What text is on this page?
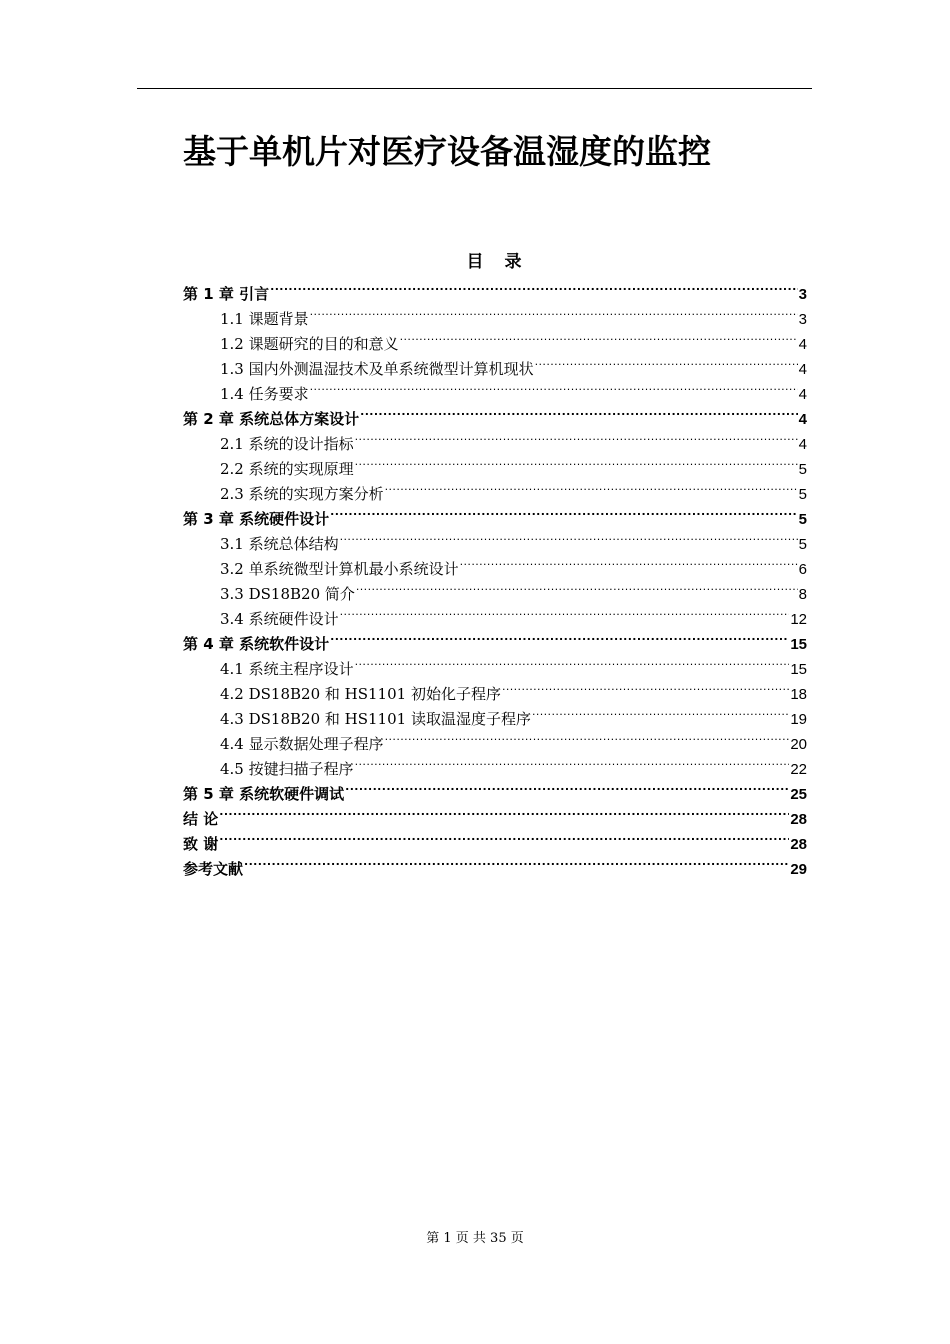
基于单机片对医疗设备温湿度的监控
目　录
第 1 章 引言 .....	3
1.1 课题背景 .....	3
1.2 课题研究的目的和意义 .....	4
1.3 国内外测温湿技术及单系统微型计算机现状 .....	4
1.4 任务要求 .....	4
第 2 章 系统总体方案设计 .....	4
2.1 系统的设计指标 .....	4
2.2 系统的实现原理 .....	5
2.3 系统的实现方案分析 .....	5
第 3 章 系统硬件设计 .....	5
3.1 系统总体结构 .....	5
3.2 单系统微型计算机最小系统设计 .....	6
3.3 DS18B20 简介 .....	8
3.4 系统硬件设计 .....	12
第 4 章 系统软件设计 .....	15
4.1 系统主程序设计 .....	15
4.2 DS18B20 和 HS1101 初始化子程序 .....	18
4.3 DS18B20 和 HS1101 读取温湿度子程序 .....	19
4.4 显示数据处理子程序 .....	20
4.5 按键扫描子程序 .....	22
第 5 章 系统软硬件调试 .....	25
结 论 .....	28
致 谢 .....	28
参考文献 .....	29
第 1 页 共 35 页
